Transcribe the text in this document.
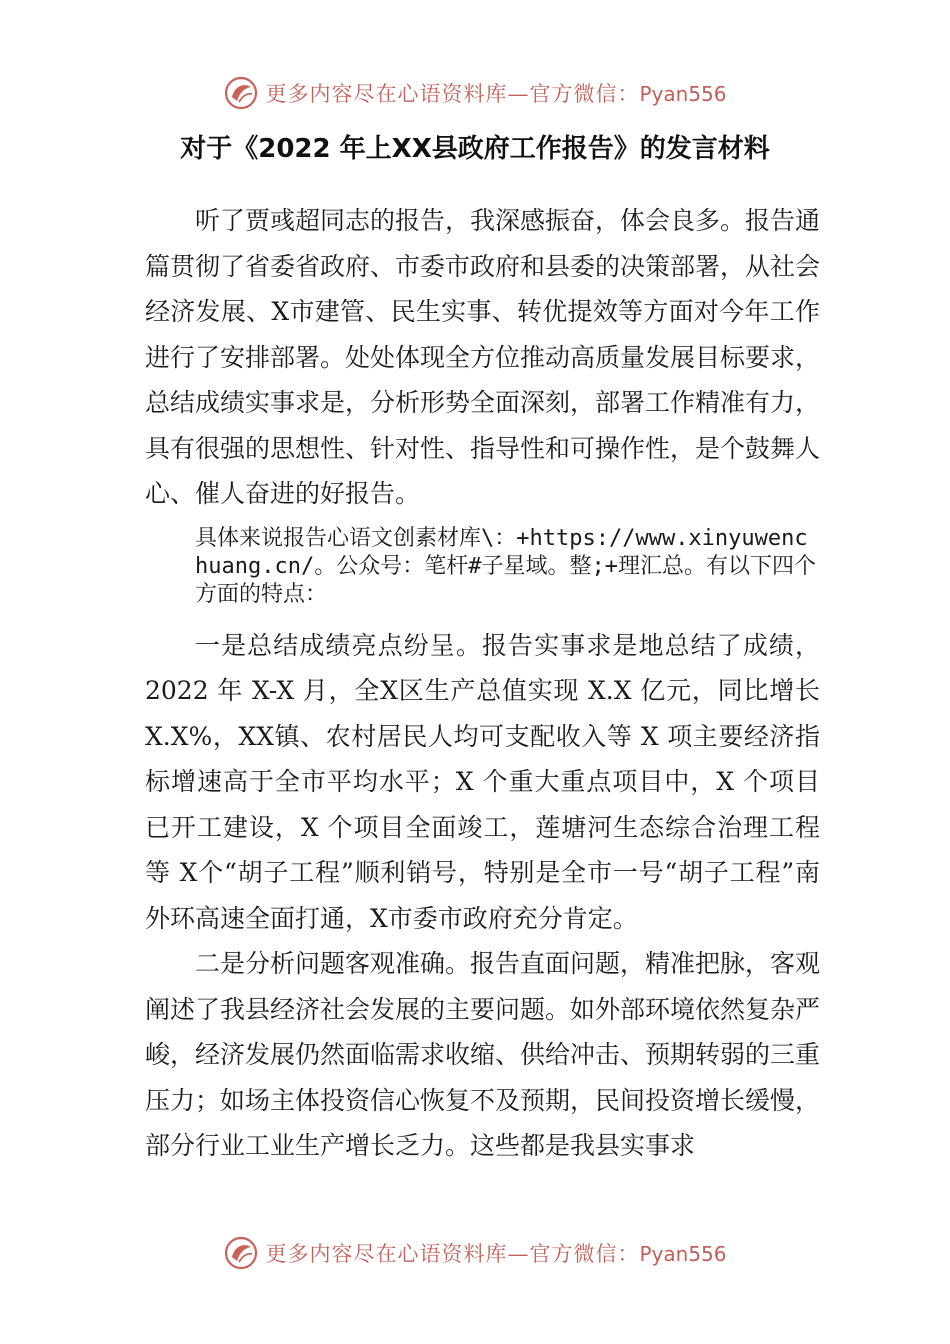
更多内容尽在心语资料库—官方微信：Pyan556
对于《2022 年上XX县政府工作报告》的发言材料

听了贾彧超同志的报告，我深感振奋，体会良多。报告通篇贯彻了省委省政府、市委市政府和县委的决策部署，从社会经济发展、X市建管、民生实事、转优提效等方面对今年工作进行了安排部署。处处体现全方位推动高质量发展目标要求，总结成绩实事求是，分析形势全面深刻，部署工作精准有力，具有很强的思想性、针对性、指导性和可操作性，是个鼓舞人心、催人奋进的好报告。

具体来说报告心语文创素材库\：+https://www.xinyuwenchuang.cn/。公众号：笔杆#子星域。整;+理汇总。有以下四个方面的特点：

一是总结成绩亮点纷呈。报告实事求是地总结了成绩，2022 年 X-X 月，全X区生产总值实现 X.X 亿元，同比增长X.X%，XX镇、农村居民人均可支配收入等 X 项主要经济指标增速高于全市平均水平；X 个重大重点项目中，X 个项目已开工建设，X 个项目全面竣工，莲塘河生态综合治理工程等 X个“胡子工程”顺利销号，特别是全市一号“胡子工程”南外环高速全面打通，X市委市政府充分肯定。

二是分析问题客观准确。报告直面问题，精准把脉，客观阐述了我县经济社会发展的主要问题。如外部环境依然复杂严峻，经济发展仍然面临需求收缩、供给冲击、预期转弱的三重压力；如场主体投资信心恢复不及预期，民间投资增长缓慢，部分行业工业生产增长乏力。这些都是我县实事求

更多内容尽在心语资料库—官方微信：Pyan556
